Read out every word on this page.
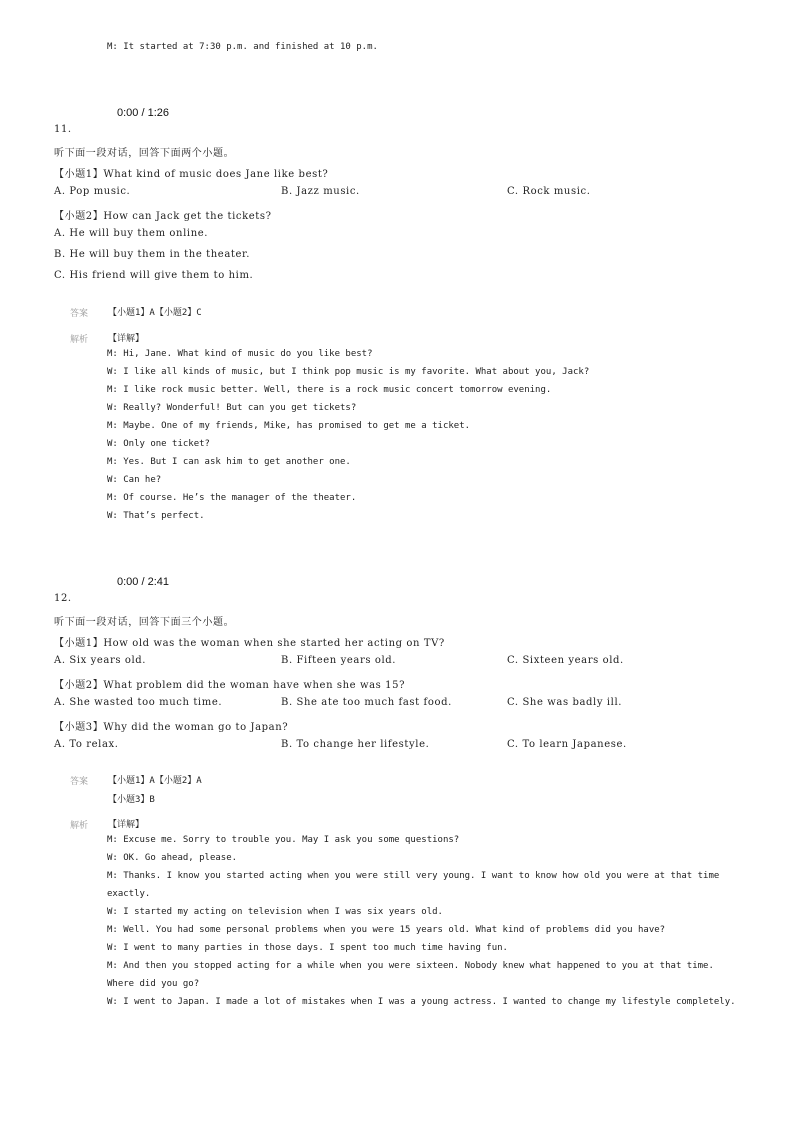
M: It started at 7:30 p.m. and finished at 10 p.m.
0:00 / 1:26
11.
听下面一段对话，回答下面两个小题。
【小题1】What kind of music does Jane like best?
A. Pop music.	B. Jazz music.	C. Rock music.
【小题2】How can Jack get the tickets?
A. He will buy them online.
B. He will buy them in the theater.
C. His friend will give them to him.
答案 【小题1】A【小题2】C
解析 【详解】
M: Hi, Jane. What kind of music do you like best?
W: I like all kinds of music, but I think pop music is my favorite. What about you, Jack?
M: I like rock music better. Well, there is a rock music concert tomorrow evening.
W: Really? Wonderful! But can you get tickets?
M: Maybe. One of my friends, Mike, has promised to get me a ticket.
W: Only one ticket?
M: Yes. But I can ask him to get another one.
W: Can he?
M: Of course. He’s the manager of the theater.
W: That’s perfect.
0:00 / 2:41
12.
听下面一段对话，回答下面三个小题。
【小题1】How old was the woman when she started her acting on TV?
A. Six years old.	B. Fifteen years old.	C. Sixteen years old.
【小题2】What problem did the woman have when she was 15?
A. She wasted too much time.	B. She ate too much fast food.	C. She was badly ill.
【小题3】Why did the woman go to Japan?
A. To relax.	B. To change her lifestyle.	C. To learn Japanese.
答案 【小题1】A【小题2】A
【小题3】B
解析 【详解】
M: Excuse me. Sorry to trouble you. May I ask you some questions?
W: OK. Go ahead, please.
M: Thanks. I know you started acting when you were still very young. I want to know how old you were at that time
exactly.
W: I started my acting on television when I was six years old.
M: Well. You had some personal problems when you were 15 years old. What kind of problems did you have?
W: I went to many parties in those days. I spent too much time having fun.
M: And then you stopped acting for a while when you were sixteen. Nobody knew what happened to you at that time.
Where did you go?
W: I went to Japan. I made a lot of mistakes when I was a young actress. I wanted to change my lifestyle completely.
